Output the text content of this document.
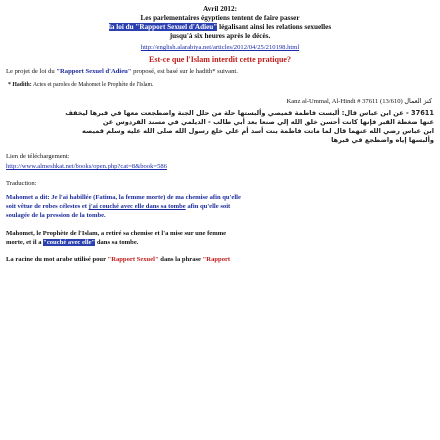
Avril 2012:

Les parlementaires égyptiens tentent de faire passer

la loi du "Rapport Sexuel d'Adieu" légalisant ainsi les relations sexuelles

jusqu'à six heures après le décès.

http://english.alarabiya.net/articles/2012/04/25/210198.html

Est-ce que l'Islam interdit cette pratique?

Le projet de loi du "Rapport Sexuel d'Adieu" proposé, est basé sur le hadith* suivant.

* Hadith: Actes et paroles de Mahomet le Prophète de l'Islam.

Kanz al-Ummal, Al-Hindi # 37611 (13/610) كنز العمال

37611 - عن ابن عباس قال: ألبست فاطمة قميصي وألبستها حلة من حلل الجنة واضطجعت معها في قبرها ليخفف

عنها ضغطة القبر فإنها كانت أحسن خلق الله إلي صنعا بعد أبي طالب - الديلمي في مسند الفردوس عن

ابن عباس رضي الله عنهما قال لما ماتت فاطمة بنت أسد أم علي خلع رسول الله صلى الله عليه وسلم قميصه

وألبسها إياه واضطجع في قبرها

Lien de téléchargement:

http://www.almeshkat.net/books/open.php?cat=8&book=586

Traduction:

Mahomet a dit: Je l'ai habillée (Fatima, la femme morte) de ma chemise afin qu'elle

soit vêtue de robes célestes et j'ai couché avec elle dans sa tombe afin qu'elle soit

soulagée de la pression de la tombe.

Mahomet, le Prophète de l'Islam, a retiré sa chemise et l'a mise sur une femme

morte, et il a "couché avec elle" dans sa tombe.

La racine du mot arabe utilisé pour "Rapport Sexuel" dans la phrase "Rapport
